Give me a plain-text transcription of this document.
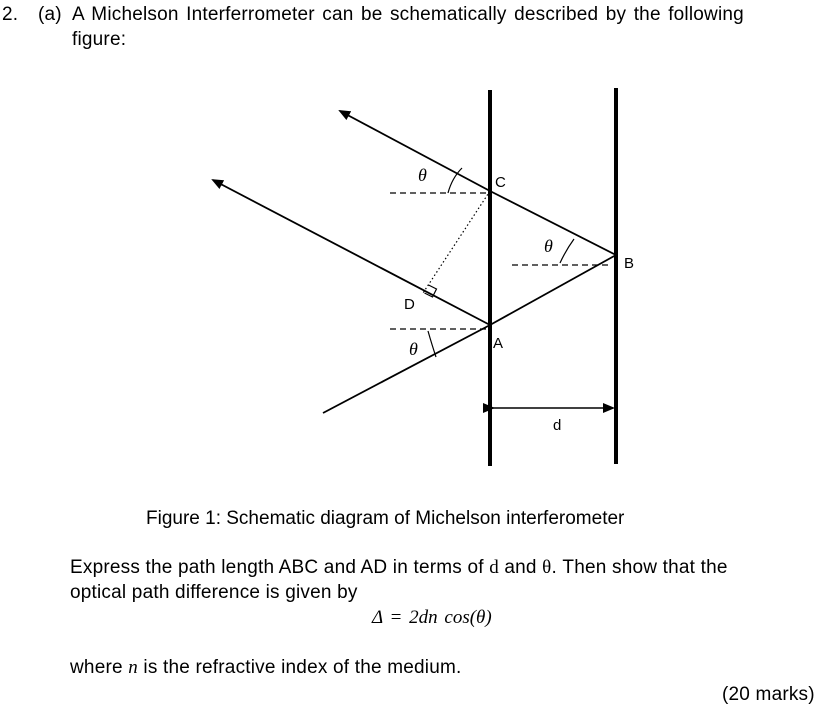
2. (a) A Michelson Interferrometer can be schematically described by the following
figure:
θ
θ
θ
C
B
D
A
d
Figure 1: Schematic diagram of Michelson interferometer
Express the path length ABC and AD in terms of d and θ. Then show that the
optical path difference is given by
Δ = 2dn cos(θ)
where n is the refractive index of the medium.
(20 marks)
